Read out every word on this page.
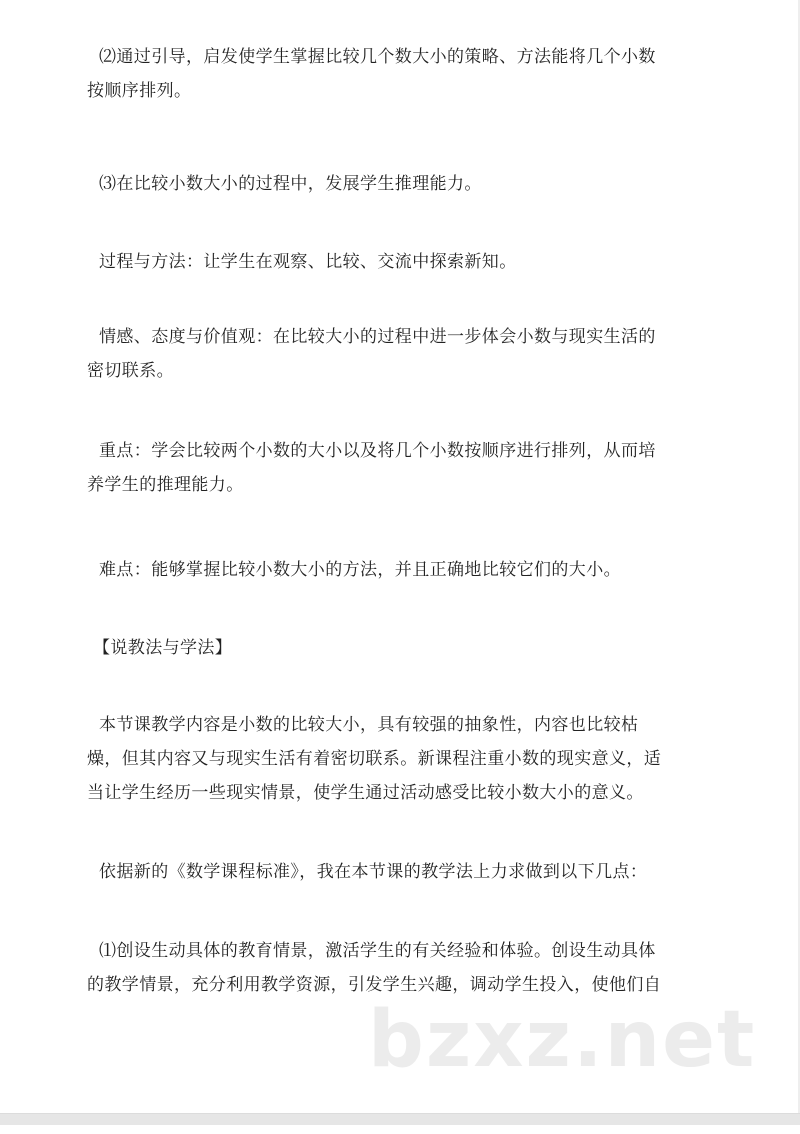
⑵通过引导，启发使学生掌握比较几个数大小的策略、方法能将几个小数
按顺序排列。
⑶在比较小数大小的过程中，发展学生推理能力。
过程与方法：让学生在观察、比较、交流中探索新知。
情感、态度与价值观：在比较大小的过程中进一步体会小数与现实生活的
密切联系。
重点：学会比较两个小数的大小以及将几个小数按顺序进行排列，从而培
养学生的推理能力。
难点：能够掌握比较小数大小的方法，并且正确地比较它们的大小。
【说教法与学法】
本节课教学内容是小数的比较大小，具有较强的抽象性，内容也比较枯
燥，但其内容又与现实生活有着密切联系。新课程注重小数的现实意义，适
当让学生经历一些现实情景，使学生通过活动感受比较小数大小的意义。
依据新的《数学课程标准》，我在本节课的教学法上力求做到以下几点：
⑴创设生动具体的教育情景，激活学生的有关经验和体验。创设生动具体
的教学情景，充分利用教学资源，引发学生兴趣，调动学生投入，使他们自
bzxz.net
